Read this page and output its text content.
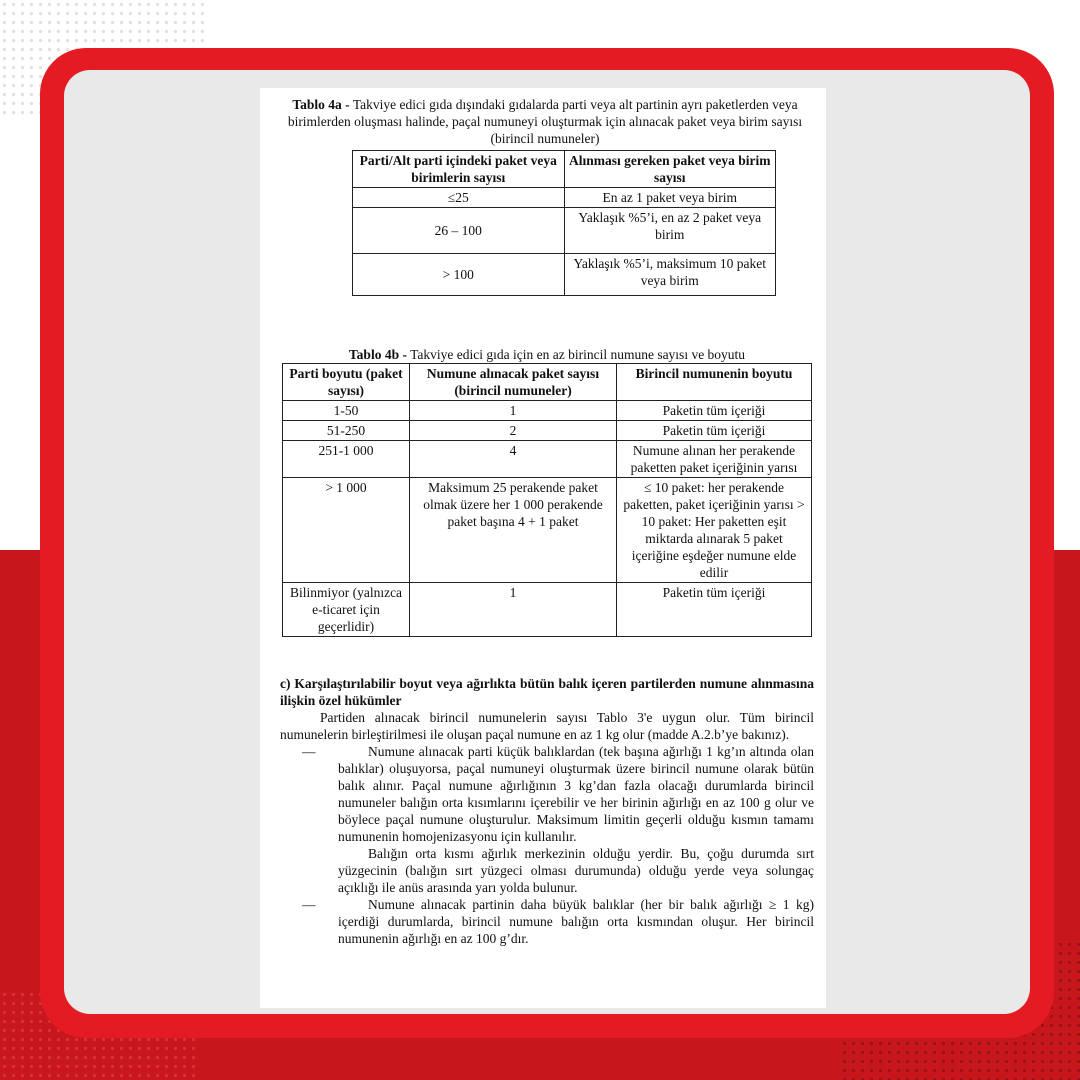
Tablo 4a - Takviye edici gıda dışındaki gıdalarda parti veya alt partinin ayrı paketlerden veya birimlerden oluşması halinde, paçal numuneyi oluşturmak için alınacak paket veya birim sayısı (birincil numuneler)

Parti/Alt parti içindeki paket veya birimlerin sayısı	Alınması gereken paket veya birim sayısı
≤25	En az 1 paket veya birim
26 – 100	Yaklaşık %5’i, en az 2 paket veya birim
> 100	Yaklaşık %5’i, maksimum 10 paket veya birim

Tablo 4b - Takviye edici gıda için en az birincil numune sayısı ve boyutu

Parti boyutu (paket sayısı)	Numune alınacak paket sayısı (birincil numuneler)	Birincil numunenin boyutu
1-50	1	Paketin tüm içeriği
51-250	2	Paketin tüm içeriği
251-1 000	4	Numune alınan her perakende paketten paket içeriğinin yarısı
> 1 000	Maksimum 25 perakende paket olmak üzere her 1 000 perakende paket başına 4 + 1 paket	≤ 10 paket: her perakende paketten, paket içeriğinin yarısı > 10 paket: Her paketten eşit miktarda alınarak 5 paket içeriğine eşdeğer numune elde edilir
Bilinmiyor (yalnızca e-ticaret için geçerlidir)	1	Paketin tüm içeriği

c) Karşılaştırılabilir boyut veya ağırlıkta bütün balık içeren partilerden numune alınmasına ilişkin özel hükümler

Partiden alınacak birincil numunelerin sayısı Tablo 3'e uygun olur. Tüm birincil numunelerin birleştirilmesi ile oluşan paçal numune en az 1 kg olur (madde A.2.b’ye bakınız).

—	Numune alınacak parti küçük balıklardan (tek başına ağırlığı 1 kg’ın altında olan balıklar) oluşuyorsa, paçal numuneyi oluşturmak üzere birincil numune olarak bütün balık alınır. Paçal numune ağırlığının 3 kg’dan fazla olacağı durumlarda birincil numuneler balığın orta kısımlarını içerebilir ve her birinin ağırlığı en az 100 g olur ve böylece paçal numune oluşturulur. Maksimum limitin geçerli olduğu kısmın tamamı numunenin homojenizasyonu için kullanılır.

Balığın orta kısmı ağırlık merkezinin olduğu yerdir. Bu, çoğu durumda sırt yüzgecinin (balığın sırt yüzgeci olması durumunda) olduğu yerde veya solungaç açıklığı ile anüs arasında yarı yolda bulunur.

—	Numune alınacak partinin daha büyük balıklar (her bir balık ağırlığı ≥ 1 kg) içerdiği durumlarda, birincil numune balığın orta kısmından oluşur. Her birincil numunenin ağırlığı en az 100 g’dır.
